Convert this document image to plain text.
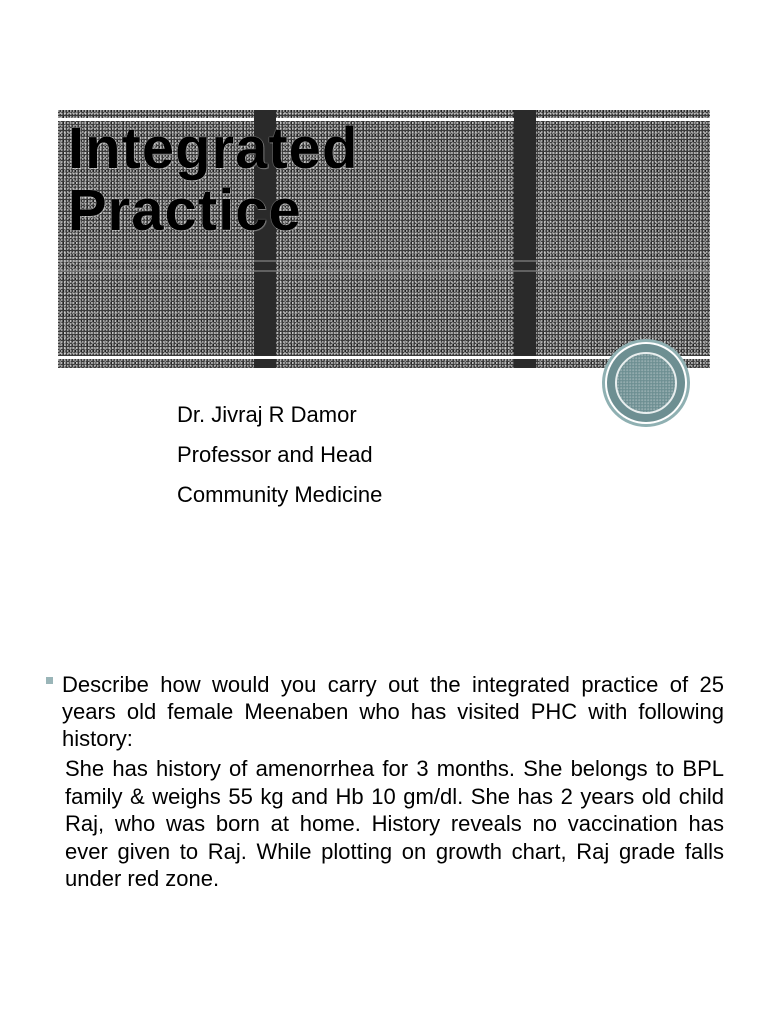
Integrated
Practice
Dr. Jivraj R Damor
Professor and Head
Community Medicine
Describe how would you carry out the integrated practice of 25 years old female Meenaben who has visited PHC with following history:
She has history of amenorrhea for 3 months. She belongs to BPL family & weighs 55 kg and Hb 10 gm/dl. She has 2 years old child Raj, who was born at home. History reveals no vaccination has ever given to Raj. While plotting on growth chart, Raj grade falls under red zone.
